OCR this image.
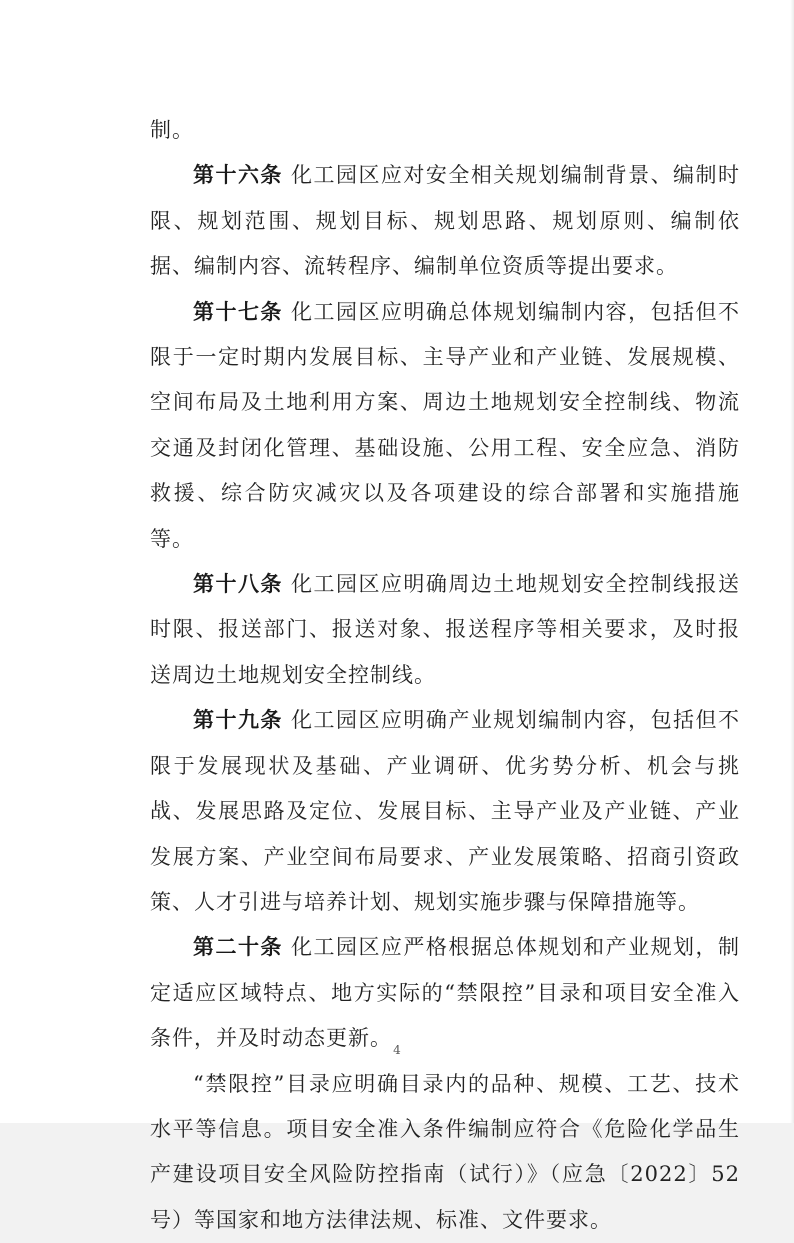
制。

第十六条 化工园区应对安全相关规划编制背景、编制时限、规划范围、规划目标、规划思路、规划原则、编制依据、编制内容、流转程序、编制单位资质等提出要求。

第十七条 化工园区应明确总体规划编制内容，包括但不限于一定时期内发展目标、主导产业和产业链、发展规模、空间布局及土地利用方案、周边土地规划安全控制线、物流交通及封闭化管理、基础设施、公用工程、安全应急、消防救援、综合防灾减灾以及各项建设的综合部署和实施措施等。

第十八条 化工园区应明确周边土地规划安全控制线报送时限、报送部门、报送对象、报送程序等相关要求，及时报送周边土地规划安全控制线。

第十九条 化工园区应明确产业规划编制内容，包括但不限于发展现状及基础、产业调研、优劣势分析、机会与挑战、发展思路及定位、发展目标、主导产业及产业链、产业发展方案、产业空间布局要求、产业发展策略、招商引资政策、人才引进与培养计划、规划实施步骤与保障措施等。

第二十条 化工园区应严格根据总体规划和产业规划，制定适应区域特点、地方实际的“禁限控”目录和项目安全准入条件，并及时动态更新。

“禁限控”目录应明确目录内的品种、规模、工艺、技术水平等信息。项目安全准入条件编制应符合《危险化学品生产建设项目安全风险防控指南（试行）》（应急〔2022〕52号）等国家和地方法律法规、标准、文件要求。

4
